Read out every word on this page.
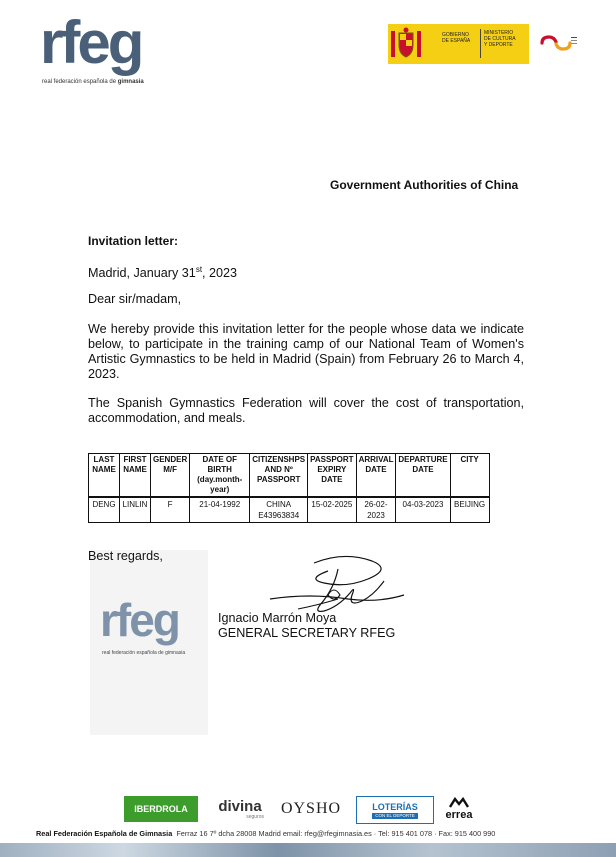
rfeg
real federación española de gimnasia
GOBIERNO
DE ESPAÑA
MINISTERIO
DE CULTURA
Y DEPORTE
Government Authorities of China
Invitation letter:
Madrid, January 31st, 2023
Dear sir/madam,
We hereby provide this invitation letter for the people whose data we indicate below, to participate in the training camp of our National Team of Women's Artistic Gymnastics to be held in Madrid (Spain) from February 26 to March 4, 2023.
The Spanish Gymnastics Federation will cover the cost of transportation, accommodation, and meals.
LAST NAME	FIRST NAME	GENDER M/F	DATE OF BIRTH (day.month-year)	CITIZENSHPS AND Nº PASSPORT	PASSPORT EXPIRY DATE	ARRIVAL DATE	DEPARTURE DATE	CITY
DENG	LINLIN	F	21-04-1992	CHINA E43963834	15-02-2025	26-02-2023	04-03-2023	BEIJING
Best regards,
rfeg
real federación española de gimnasia
Ignacio Marrón Moya
GENERAL SECRETARY RFEG
IBERDROLA divina
seguros OYSHO	LOTERÍAS
CON EL DEPORTE	errea
Real Federación Española de Gimnasia Ferraz 16 7º dcha 28008 Madrid email: rfeg@rfegimnasia.es · Tel: 915 401 078 · Fax: 915 400 990
